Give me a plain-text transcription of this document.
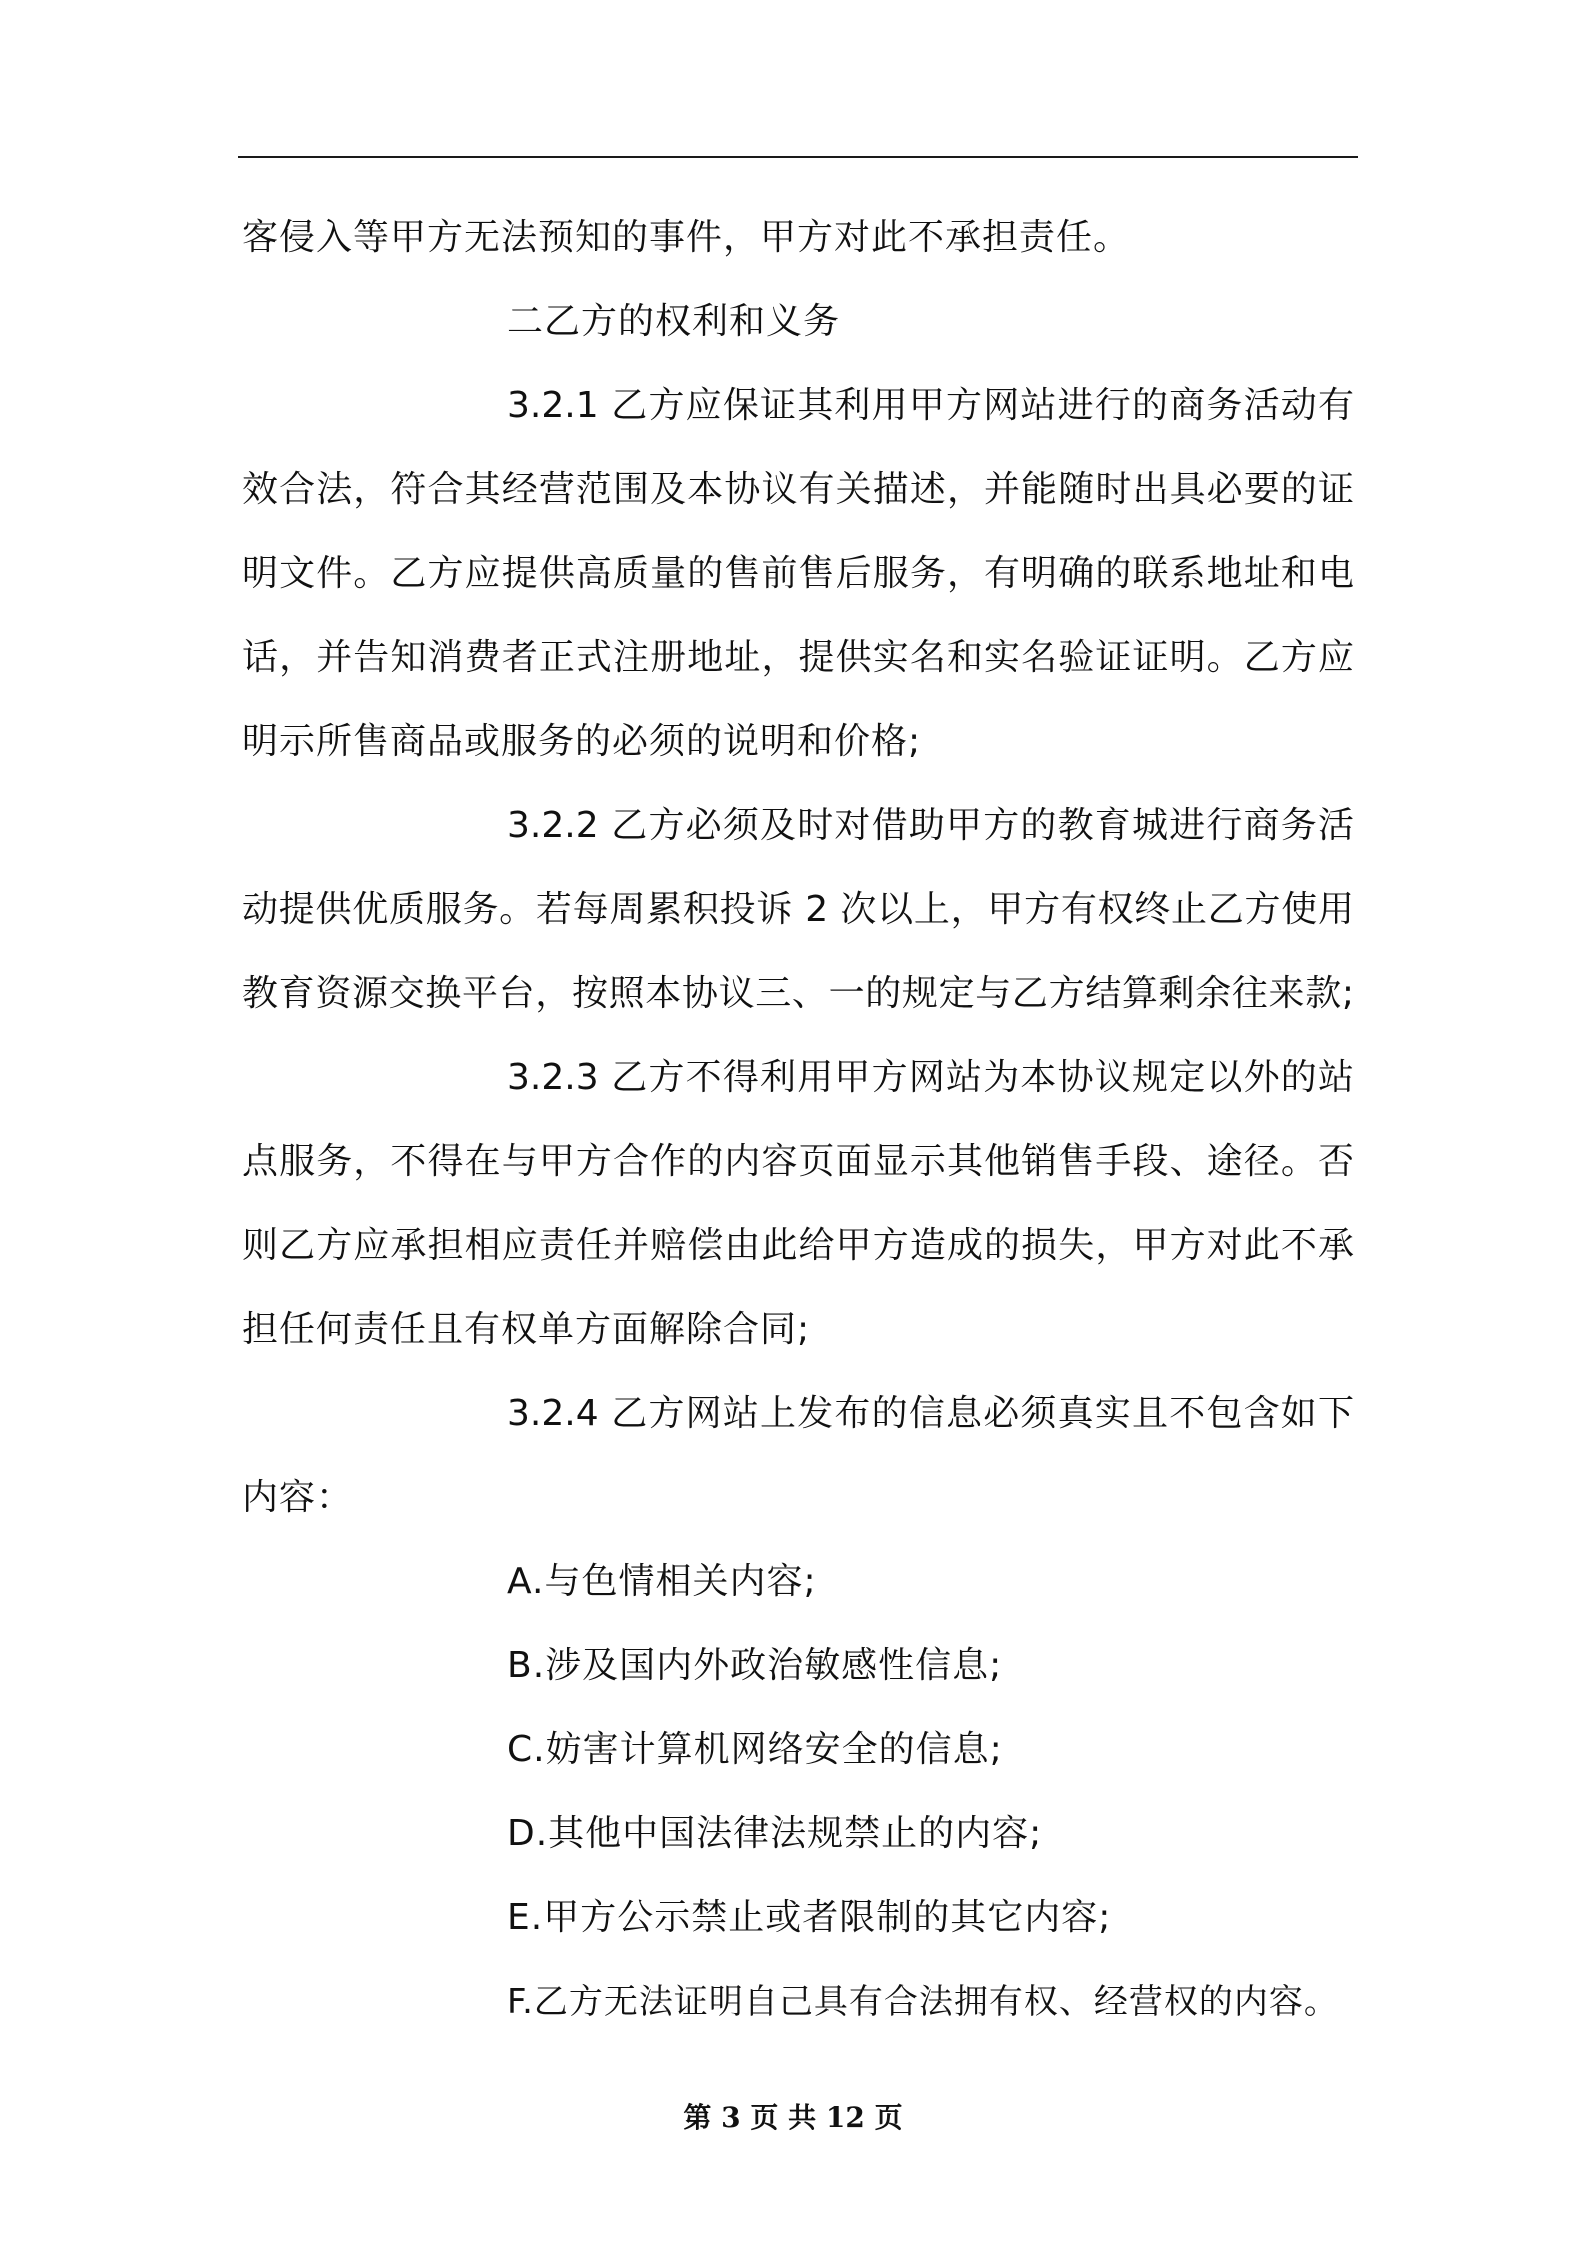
客侵入等甲方无法预知的事件，甲方对此不承担责任。
二乙方的权利和义务
3.2.1 乙方应保证其利用甲方网站进行的商务活动有
效合法，符合其经营范围及本协议有关描述，并能随时出具必要的证
明文件。乙方应提供高质量的售前售后服务，有明确的联系地址和电
话，并告知消费者正式注册地址，提供实名和实名验证证明。乙方应
明示所售商品或服务的必须的说明和价格;
3.2.2 乙方必须及时对借助甲方的教育城进行商务活
动提供优质服务。若每周累积投诉 2 次以上，甲方有权终止乙方使用
教育资源交换平台，按照本协议三、一的规定与乙方结算剩余往来款;
3.2.3 乙方不得利用甲方网站为本协议规定以外的站
点服务，不得在与甲方合作的内容页面显示其他销售手段、途径。否
则乙方应承担相应责任并赔偿由此给甲方造成的损失，甲方对此不承
担任何责任且有权单方面解除合同;
3.2.4 乙方网站上发布的信息必须真实且不包含如下
内容：
A.与色情相关内容;
B.涉及国内外政治敏感性信息;
C.妨害计算机网络安全的信息;
D.其他中国法律法规禁止的内容;
E.甲方公示禁止或者限制的其它内容;
F.乙方无法证明自己具有合法拥有权、经营权的内容。
第 3 页 共 12 页
